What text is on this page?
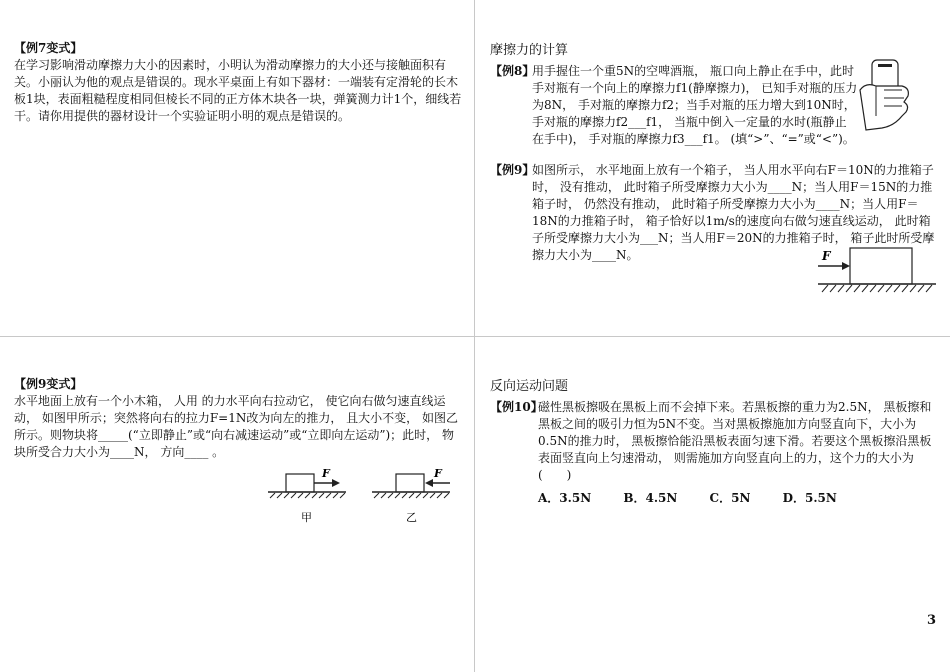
【例7变式】
在学习影响滑动摩擦力大小的因素时，小明认为滑动摩擦力的大小还与接触面积有关。小丽认为他的观点是错误的。现水平桌面上有如下器材：一端装有定滑轮的长木板1块，表面粗糙程度相同但棱长不同的正方体木块各一块，弹簧测力计1个，细线若干。请你用提供的器材设计一个实验证明小明的观点是错误的。
摩擦力的计算
【例8】
用手握住一个重5N的空啤酒瓶， 瓶口向上静止在手中，此时手对瓶有一个向上的摩擦力f1(静摩擦力)， 已知手对瓶的压力为8N， 手对瓶的摩擦力f2；当手对瓶的压力增大到10N时， 手对瓶的摩擦力f2___f1， 当瓶中倒入一定量的水时(瓶静止在手中)， 手对瓶的摩擦力f3___f1。 (填“>”、“=”或“<”)。
【例9】
如图所示， 水平地面上放有一个箱子， 当人用水平向右F＝10N的力推箱子时， 没有推动， 此时箱子所受摩擦力大小为____N；当人用F＝15N的力推箱子时， 仍然没有推动， 此时箱子所受摩擦力大小为____N；当人用F＝18N的力推箱子时， 箱子恰好以1m/s的速度向右做匀速直线运动， 此时箱子所受摩擦力大小为___N；当人用F＝20N的力推箱子时， 箱子此时所受摩擦力大小为____N。	F
【例9变式】
水平地面上放有一个小木箱， 人用 的力水平向右拉动它， 使它向右做匀速直线运动， 如图甲所示；突然将向右的拉力F=1N改为向左的推力， 且大小不变， 如图乙所示。则物块将_____(“立即静止”或“向右减速运动”或“立即向左运动”)；此时， 物块所受合力大小为____N， 方向____ 。
F
甲
F
乙
反向运动问题
【例10】
磁性黑板擦吸在黑板上而不会掉下来。若黑板擦的重力为2.5N， 黑板擦和黑板之间的吸引力恒为5N不变。当对黑板擦施加方向竖直向下，大小为0.5N的推力时， 黑板擦恰能沿黑板表面匀速下滑。若要这个黑板擦沿黑板表面竖直向上匀速滑动， 则需施加方向竖直向上的力，这个力的大小为(　　)
A．3.5N	B．4.5N	C．5N	D．5.5N
3
